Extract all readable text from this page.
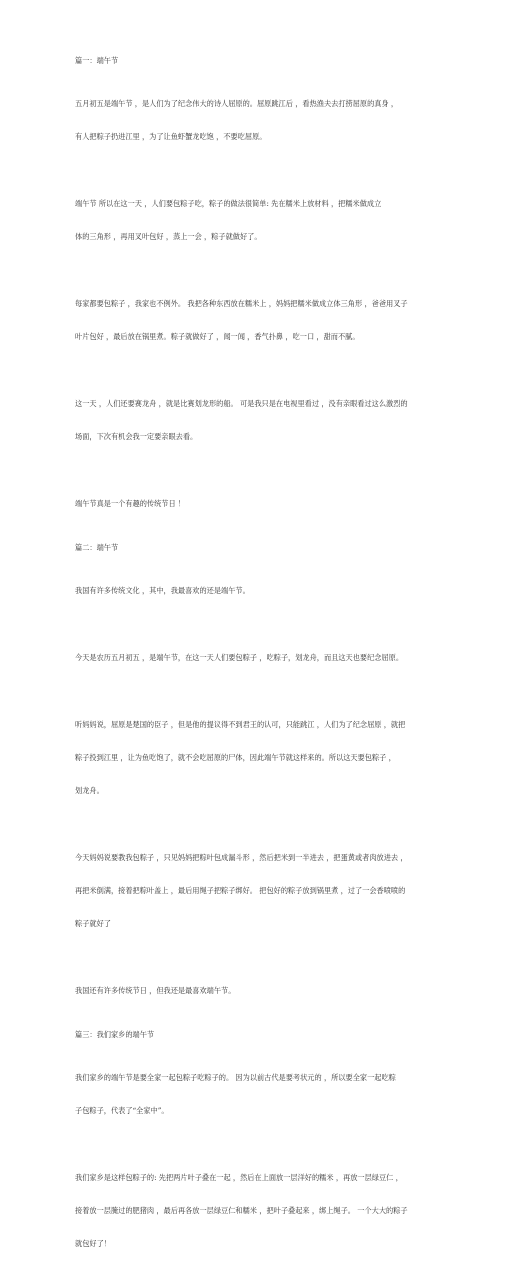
篇一：端午节

五月初五是端午节 ，是人们为了纪念伟大的诗人屈原的。屈原跳江后 ，看热渔夫去打捞屈原的真身 ，

有人把粽子扔进江里 ，为了让鱼虾蟹龙吃饱 ，不要吃屈原。

端午节 所以在这一天 ，人们要包粽子吃，粽子的做法很简单: 先在糯米上放材料 ，把糯米做成立

体的三角形 ，再用叉叶包好 ，蒸上一会 ，粽子就做好了。

每家都要包粽子 ，我家也不例外。 我把各种东西放在糯米上 ，妈妈把糯米做成立体三角形 ，爸爸用叉子

叶片包好 ，最后放在锅里煮。粽子就做好了 ，闻一闻 ，香气扑鼻 ，吃一口 ，甜而不腻。

这一天 ，人们还要赛龙舟 ，就是比赛划龙形的船。 可是我只是在电视里看过 ，没有亲眼看过这么激烈的

场面，下次有机会我一定要亲眼去看。

端午节真是一个有趣的传统节日 ！

篇二：端午节

我国有许多传统文化 ，其中，我最喜欢的还是端午节。

今天是农历五月初五 ，是端午节，在这一天人们要包粽子 ，吃粽子，划龙舟，而且这天也要纪念屈原。

听妈妈说，屈原是楚国的臣子 ，但是他的提议得不到君王的认可，只能跳江 ，人们为了纪念屈原 ，就把

粽子投到江里 ，让为鱼吃饱了，就不会吃屈原的尸体，因此端午节就这样来的。所以这天要包粽子 ，

划龙舟。

今天妈妈说要教我包粽子 ，只见妈妈把粽叶包成漏斗形 ，然后把米到一半进去 ，把蛋黄或者肉放进去 ，

再把米倒满，接着把粽叶盖上 ，最后用绳子把粽子绑好。 把包好的粽子放到锅里煮 ，过了一会香喷喷的

粽子就好了

我国还有许多传统节日 ，但我还是最喜欢端午节。

篇三：我们家乡的端午节

我们家乡的端午节是要全家一起包粽子吃粽子的。 因为以前古代是要考状元的 ，所以要全家一起吃粽

子包粽子，代表了“全家中”。

我们家乡是这样包粽子的: 先把两片叶子叠在一起 ，然后在上面放一层洋好的糯米 ，再放一层绿豆仁 ，

接着放一层腌过的肥猪肉 ，最后再各放一层绿豆仁和糯米 ，把叶子叠起来 ，绑上绳子。 一个大大的粽子

就包好了！
